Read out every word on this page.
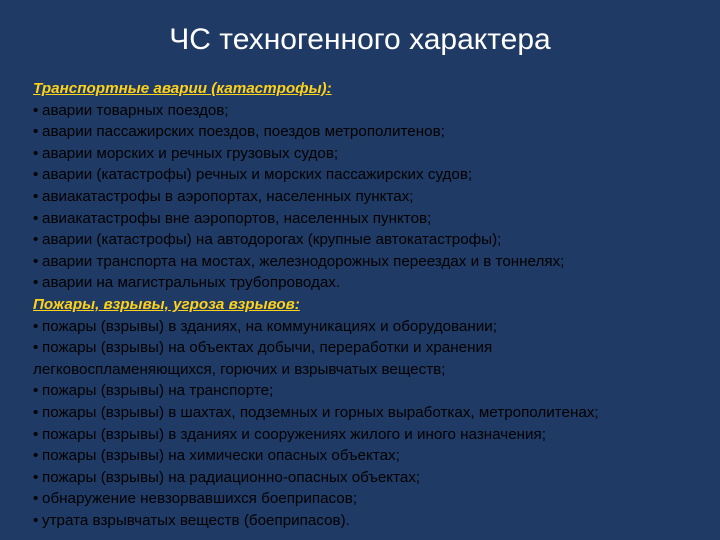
ЧС техногенного характера
Транспортные аварии (катастрофы):
• аварии товарных поездов;
• аварии пассажирских поездов, поездов метрополитенов;
• аварии морских и речных грузовых судов;
• аварии (катастрофы) речных и морских пассажирских судов;
• авиакатастрофы в аэропортах, населенных пунктах;
• авиакатастрофы вне аэропортов, населенных пунктов;
• аварии (катастрофы) на автодорогах (крупные автокатастрофы);
• аварии транспорта на мостах, железнодорожных переездах и в тоннелях;
• аварии на магистральных трубопроводах.
Пожары, взрывы, угроза взрывов:
• пожары (взрывы) в зданиях, на коммуникациях и оборудовании;
• пожары (взрывы) на объектах добычи, переработки и хранения
легковоспламеняющихся, горючих и взрывчатых веществ;
• пожары (взрывы) на транспорте;
• пожары (взрывы) в шахтах, подземных и горных выработках, метрополитенах;
• пожары (взрывы) в зданиях и сооружениях жилого и иного назначения;
• пожары (взрывы) на химически опасных объектах;
• пожары (взрывы) на радиационно-опасных объектах;
• обнаружение невзорвавшихся боеприпасов;
• утрата взрывчатых веществ (боеприпасов).
